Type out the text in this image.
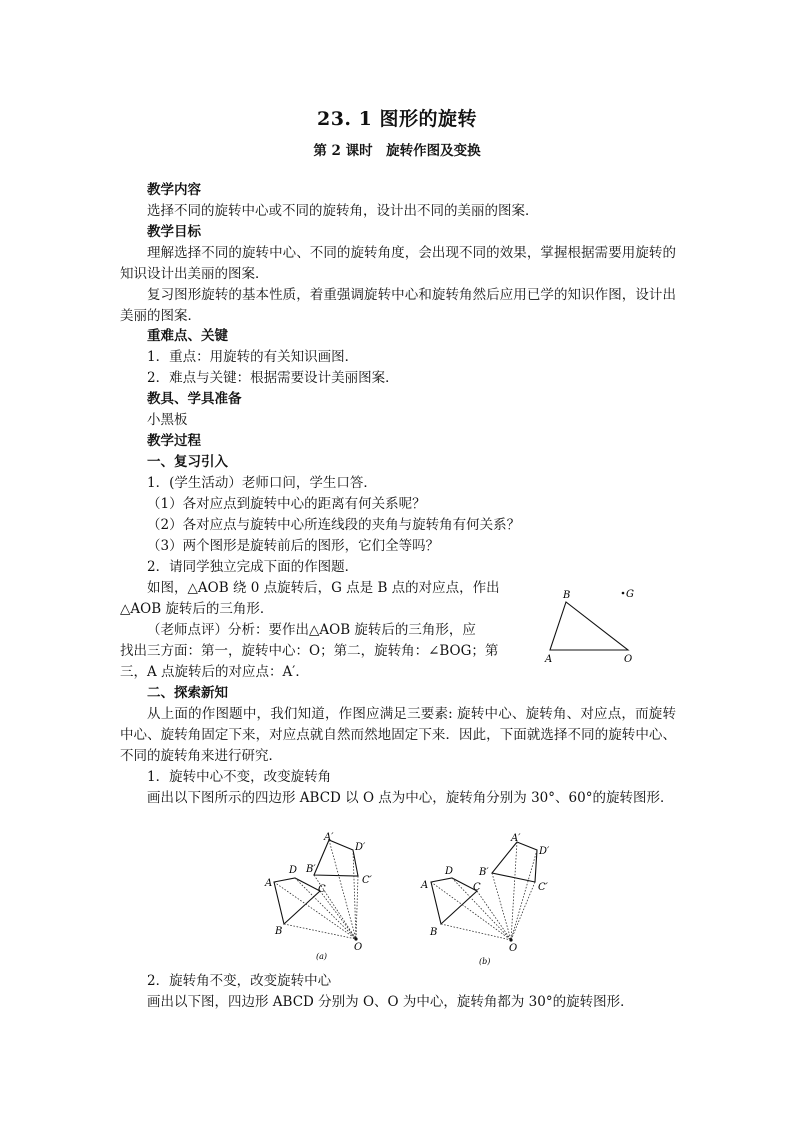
23. 1 图形的旋转
第 2 课时　旋转作图及变换
教学内容
选择不同的旋转中心或不同的旋转角，设计出不同的美丽的图案．
教学目标
理解选择不同的旋转中心、不同的旋转角度，会出现不同的效果，掌握根据需要用旋转的知识设计出美丽的图案．
复习图形旋转的基本性质，着重强调旋转中心和旋转角然后应用已学的知识作图，设计出美丽的图案．
重难点、关键
1．重点：用旋转的有关知识画图．
2．难点与关键：根据需要设计美丽图案．
教具、学具准备
小黑板
教学过程
一、复习引入
1．(学生活动）老师口问，学生口答．
（1）各对应点到旋转中心的距离有何关系呢？
（2）各对应点与旋转中心所连线段的夹角与旋转角有何关系？
（3）两个图形是旋转前后的图形，它们全等吗？
2．请同学独立完成下面的作图题．
如图，△AOB 绕 0 点旋转后，G 点是 B 点的对应点，作出
△AOB 旋转后的三角形．
（老师点评）分析：要作出△AOB 旋转后的三角形，应
找出三方面：第一，旋转中心：O；第二，旋转角：∠BOG；第
三，A 点旋转后的对应点：A′．
G
B
A	O
二、探索新知
从上面的作图题中，我们知道，作图应满足三要素: 旋转中心、旋转角、对应点，而旋转中心、旋转角固定下来，对应点就自然而然地固定下来．因此，下面就选择不同的旋转中心、不同的旋转角来进行研究．
1．旋转中心不变，改变旋转角
画出以下图所示的四边形 ABCD 以 O 点为中心，旋转角分别为 30°、60°的旋转图形．
A
B
C
D
O
A′
B′
C′
D′
(a)
A
B
C
D
O
A′
B′
C′
D′
(b)
2．旋转角不变，改变旋转中心
画出以下图，四边形 ABCD 分别为 O、O 为中心，旋转角都为 30°的旋转图形．
